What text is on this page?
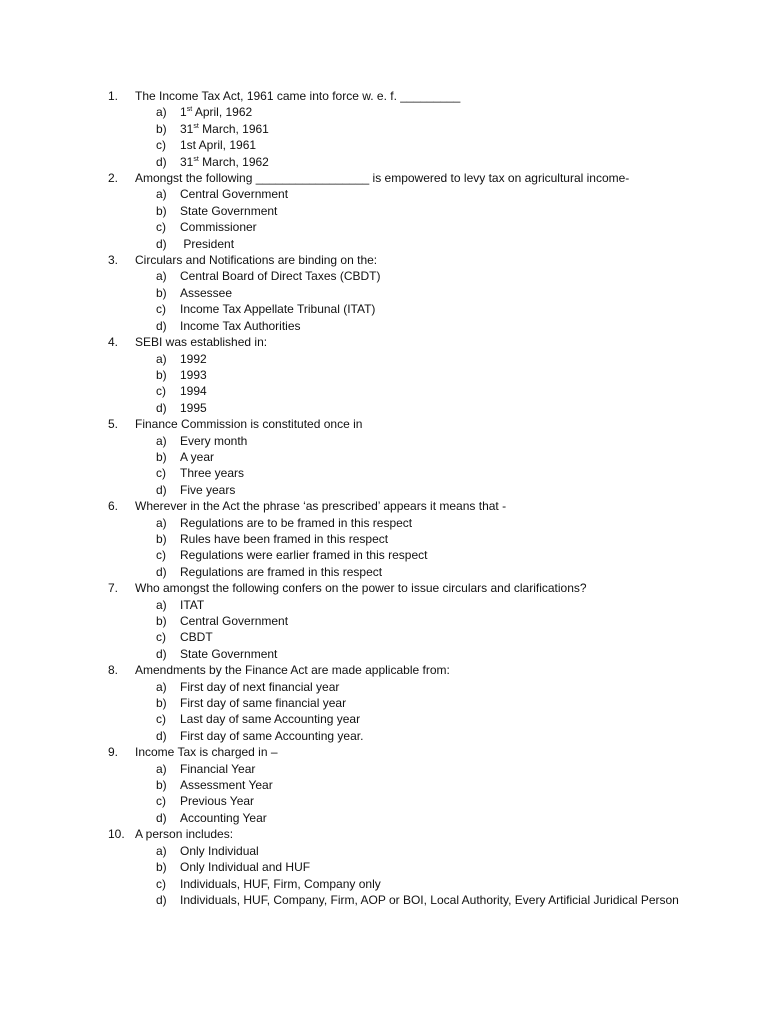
1.	The Income Tax Act, 1961 came into force w. e. f. _________
a)	1st April, 1962
b)	31st March, 1961
c)	1st April, 1961
d)	31st March, 1962
2.	Amongst the following _________________ is empowered to levy tax on agricultural income-
a)	Central Government
b)	State Government
c)	Commissioner
d)	President
3.	Circulars and Notifications are binding on the:
a)	Central Board of Direct Taxes (CBDT)
b)	Assessee
c)	Income Tax Appellate Tribunal (ITAT)
d)	Income Tax Authorities
4.	SEBI was established in:
a)	1992
b)	1993
c)	1994
d)	1995
5.	Finance Commission is constituted once in
a)	Every month
b)	A year
c)	Three years
d)	Five years
6.	Wherever in the Act the phrase ‘as prescribed’ appears it means that -
a)	Regulations are to be framed in this respect
b)	Rules have been framed in this respect
c)	Regulations were earlier framed in this respect
d)	Regulations are framed in this respect
7.	Who amongst the following confers on the power to issue circulars and clarifications?
a)	ITAT
b)	Central Government
c)	CBDT
d)	State Government
8.	Amendments by the Finance Act are made applicable from:
a)	First day of next financial year
b)	First day of same financial year
c)	Last day of same Accounting year
d)	First day of same Accounting year.
9.	Income Tax is charged in –
a)	Financial Year
b)	Assessment Year
c)	Previous Year
d)	Accounting Year
10. A person includes:
a)	Only Individual
b)	Only Individual and HUF
c)	Individuals, HUF, Firm, Company only
d)	Individuals, HUF, Company, Firm, AOP or BOI, Local Authority, Every Artificial Juridical Person
